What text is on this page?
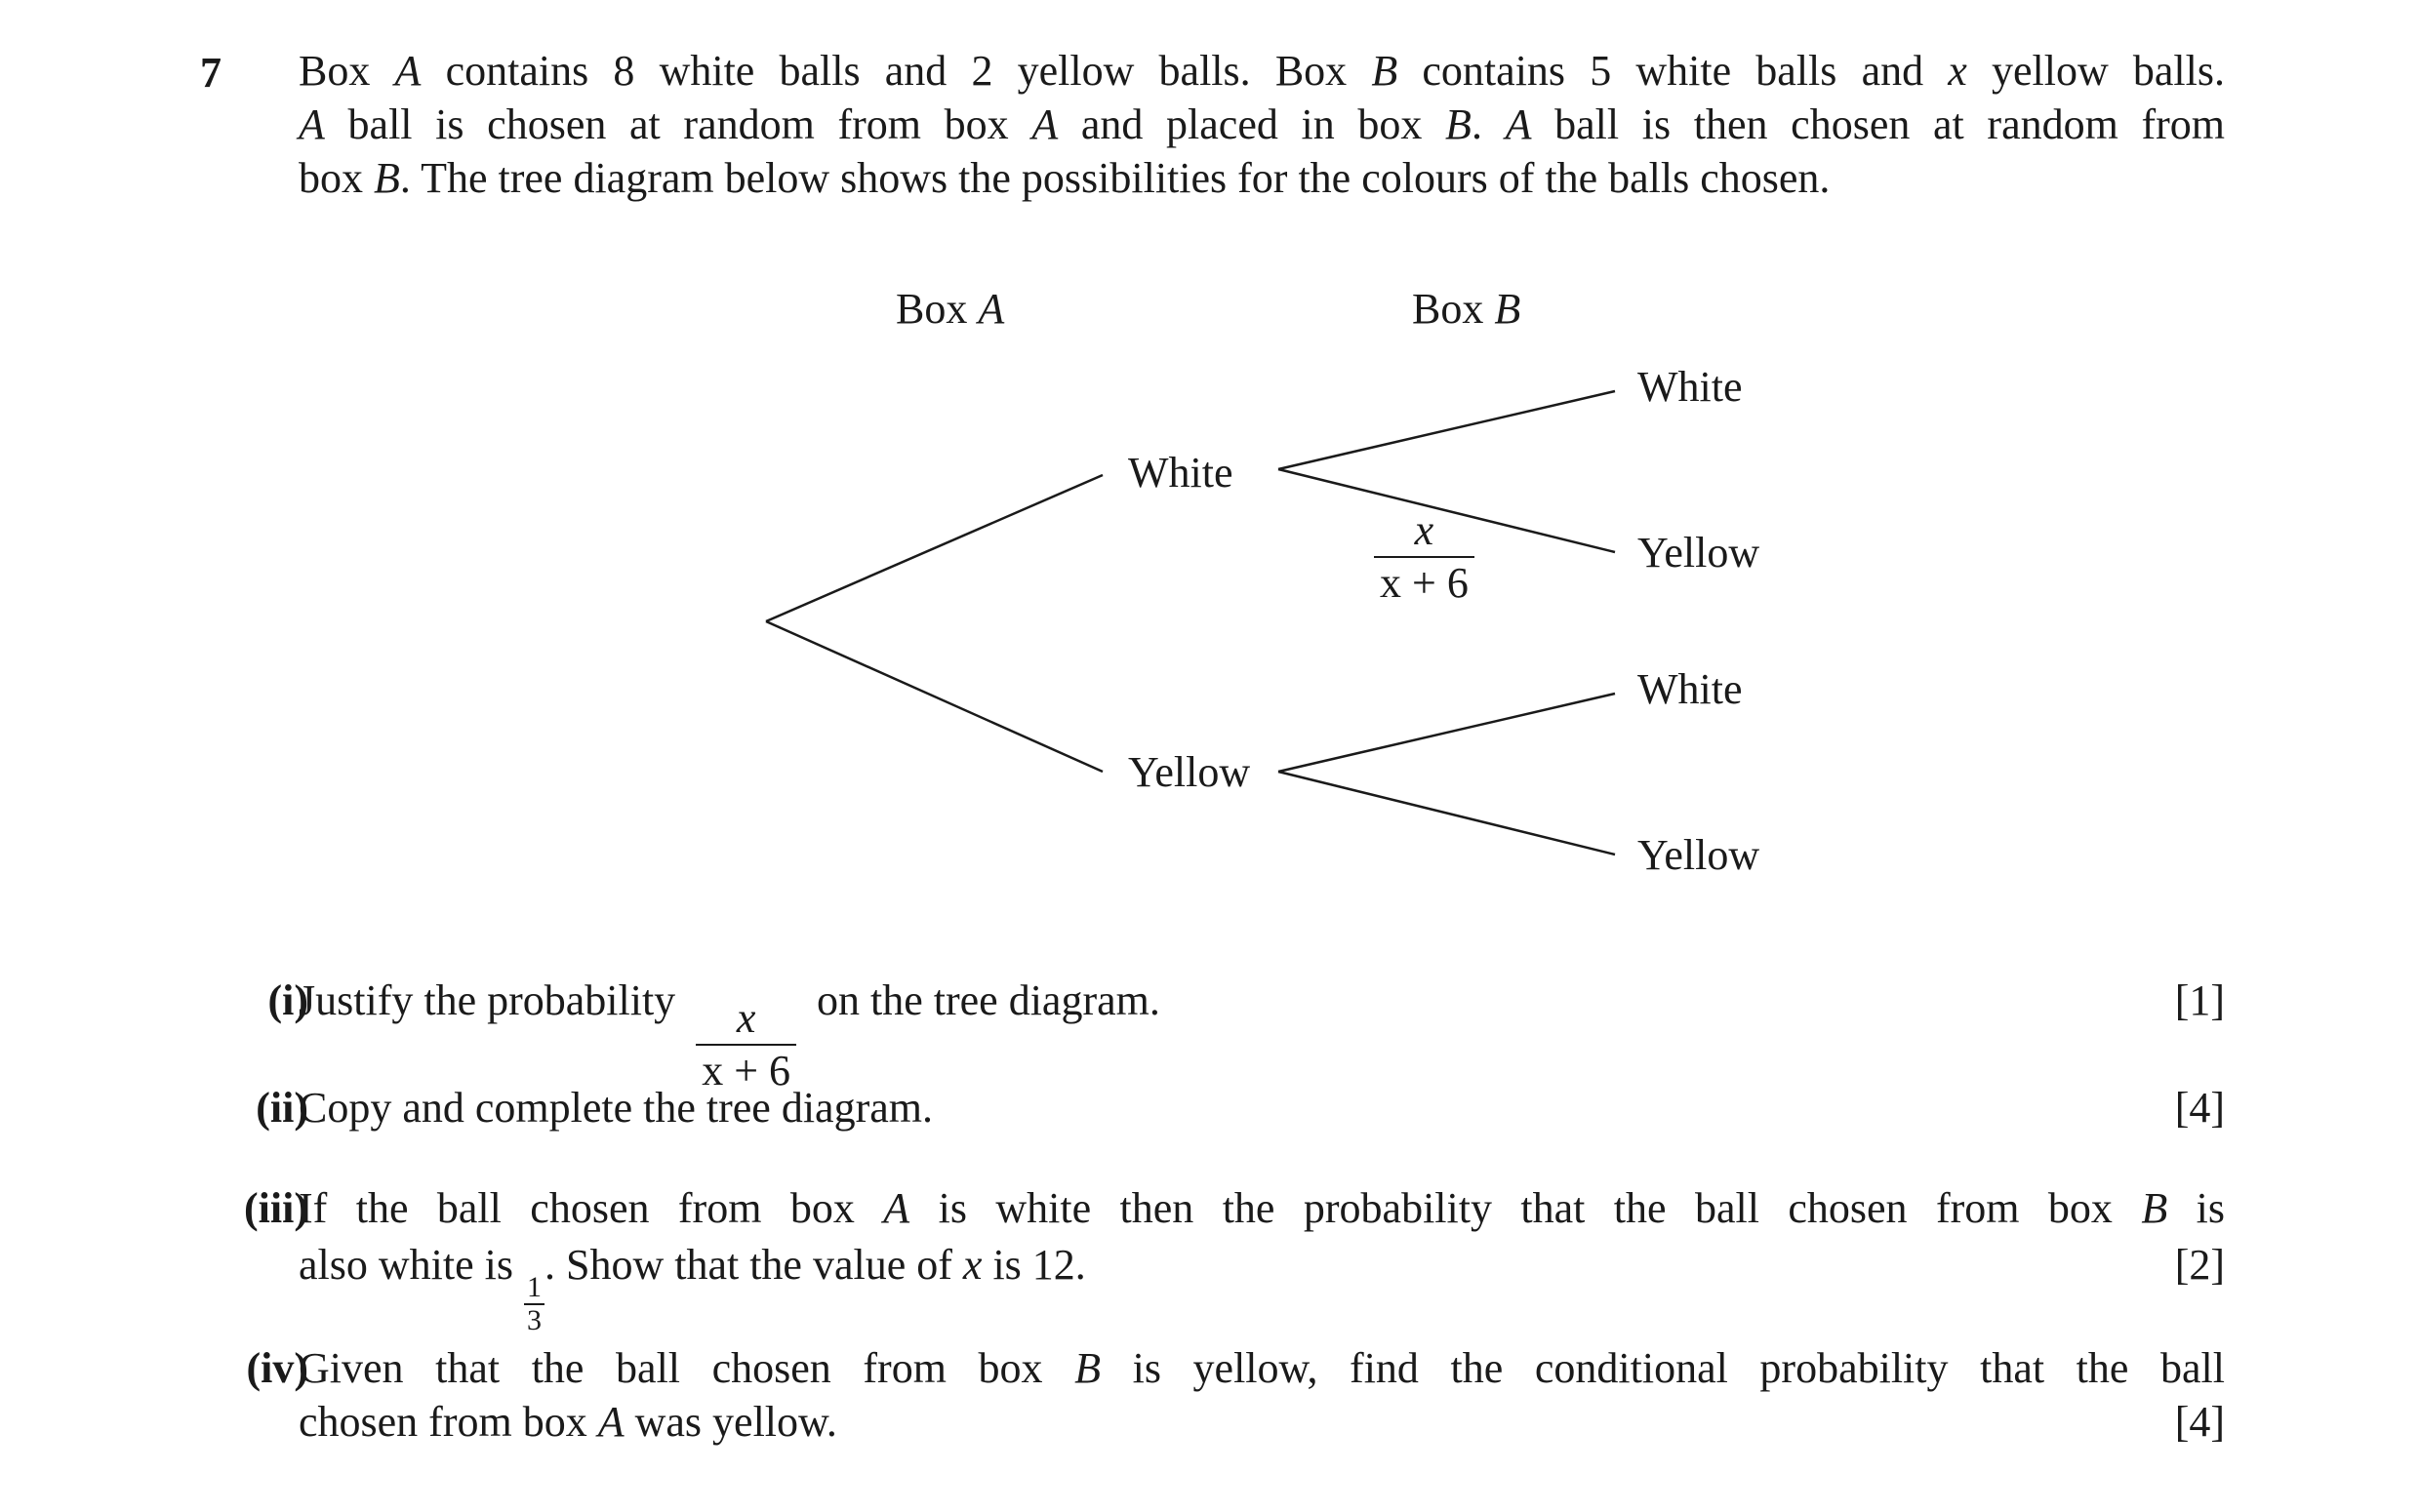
7 Box A contains 8 white balls and 2 yellow balls. Box B contains 5 white balls and x yellow balls.

A ball is chosen at random from box A and placed in box B. A ball is then chosen at random from

box B. The tree diagram below shows the possibilities for the colours of the balls chosen.

Box A	Box B
White
Yellow
White
Yellow
White
Yellow
$\frac{x}{x + 6}$
(i)
Justify the probability $\frac{x}{x + 6}$ on the tree diagram.	[1]
(ii)
Copy and complete the tree diagram.	[4]
(iii)
If the ball chosen from box A is white then the probability that the ball chosen from box B is
also white is
$\frac{1}{3}$
. Show that the value of x is 12.	[2]
(iv)
Given that the ball chosen from box B is yellow, find the conditional probability that the ball
chosen from box A was yellow.	[4]
